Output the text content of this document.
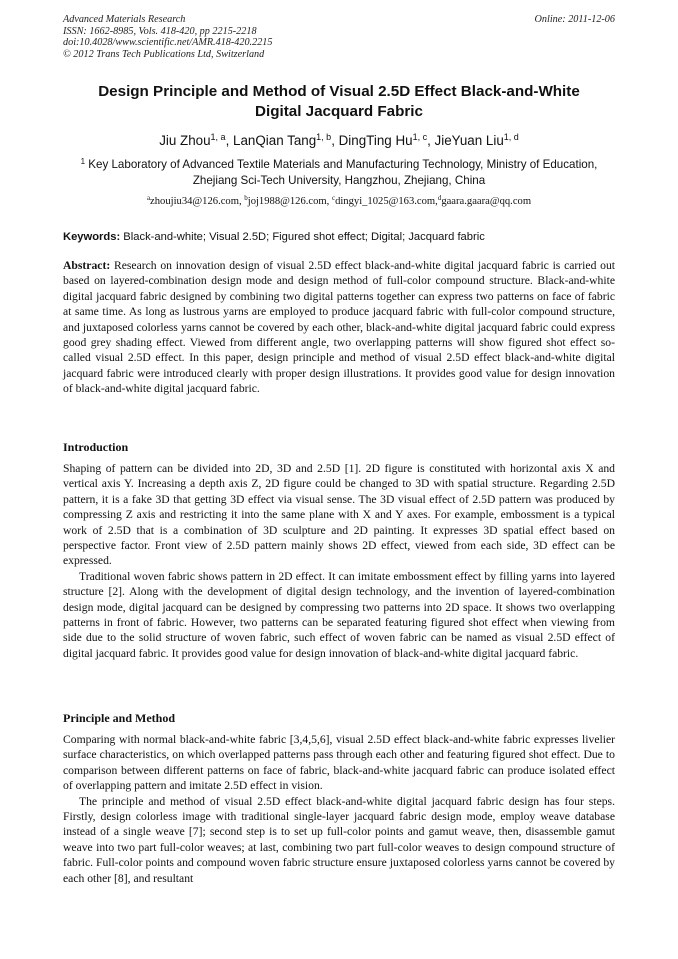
Advanced Materials Research
ISSN: 1662-8985, Vols. 418-420, pp 2215-2218
doi:10.4028/www.scientific.net/AMR.418-420.2215
© 2012 Trans Tech Publications Ltd, Switzerland
Online: 2011-12-06
Design Principle and Method of Visual 2.5D Effect Black-and-White
Digital Jacquard Fabric
Jiu Zhou$^{1, a}$, LanQian Tang$^{1, b}$, DingTing Hu$^{1, c}$, JieYuan Liu$^{1, d}$
$^1$ Key Laboratory of Advanced Textile Materials and Manufacturing Technology, Ministry of Education, Zhejiang Sci-Tech University, Hangzhou, Zhejiang, China
$^a$zhoujiu34@126.com, $^b$joj1988@126.com, $^c$dingyi_1025@163.com,$^d$gaara.gaara@qq.com
Keywords: Black-and-white; Visual 2.5D; Figured shot effect; Digital; Jacquard fabric

Abstract: Research on innovation design of visual 2.5D effect black-and-white digital jacquard fabric is carried out based on layered-combination design mode and design method of full-color compound structure. Black-and-white digital jacquard fabric designed by combining two digital patterns together can express two patterns on face of fabric at same time. As long as lustrous yarns are employed to produce jacquard fabric with full-color compound structure, and juxtaposed colorless yarns cannot be covered by each other, black-and-white digital jacquard fabric could express good grey shading effect. Viewed from different angle, two overlapping patterns will show figured shot effect so-called visual 2.5D effect. In this paper, design principle and method of visual 2.5D effect black-and-white digital jacquard fabric were introduced clearly with proper design illustrations. It provides good value for design innovation of black-and-white digital jacquard fabric.

Introduction

Shaping of pattern can be divided into 2D, 3D and 2.5D [1]. 2D figure is constituted with horizontal axis X and vertical axis Y. Increasing a depth axis Z, 2D figure could be changed to 3D with spatial structure. Regarding 2.5D pattern, it is a fake 3D that getting 3D effect via visual sense. The 3D visual effect of 2.5D pattern was produced by compressing Z axis and restricting it into the same plane with X and Y axes. For example, embossment is a typical work of 2.5D that is a combination of 3D sculpture and 2D painting. It expresses 3D spatial effect based on perspective factor. Front view of 2.5D pattern mainly shows 2D effect, viewed from each side, 3D effect can be expressed.

Traditional woven fabric shows pattern in 2D effect. It can imitate embossment effect by filling yarns into layered structure [2]. Along with the development of digital design technology, and the invention of layered-combination design mode, digital jacquard can be designed by compressing two patterns into 2D space. It shows two overlapping patterns in front of fabric. However, two patterns can be separated featuring figured shot effect when viewing from side due to the solid structure of woven fabric, such effect of woven fabric can be named as visual 2.5D effect of digital jacquard fabric. It provides good value for design innovation of black-and-white digital jacquard fabric.

Principle and Method

Comparing with normal black-and-white fabric [3,4,5,6], visual 2.5D effect black-and-white fabric expresses livelier surface characteristics, on which overlapped patterns pass through each other and featuring figured shot effect. Due to comparison between different patterns on face of fabric, black-and-white jacquard fabric can produce isolated effect of overlapping pattern and imitate 2.5D effect in vision.

The principle and method of visual 2.5D effect black-and-white digital jacquard fabric design has four steps. Firstly, design colorless image with traditional single-layer jacquard fabric design mode, employ weave database instead of a single weave [7]; second step is to set up full-color points and gamut weave, then, disassemble gamut weave into two part full-color weaves; at last, combining two part full-color weaves to design compound structure of fabric. Full-color points and compound woven fabric structure ensure juxtaposed colorless yarns cannot be covered by each other [8], and resultant
